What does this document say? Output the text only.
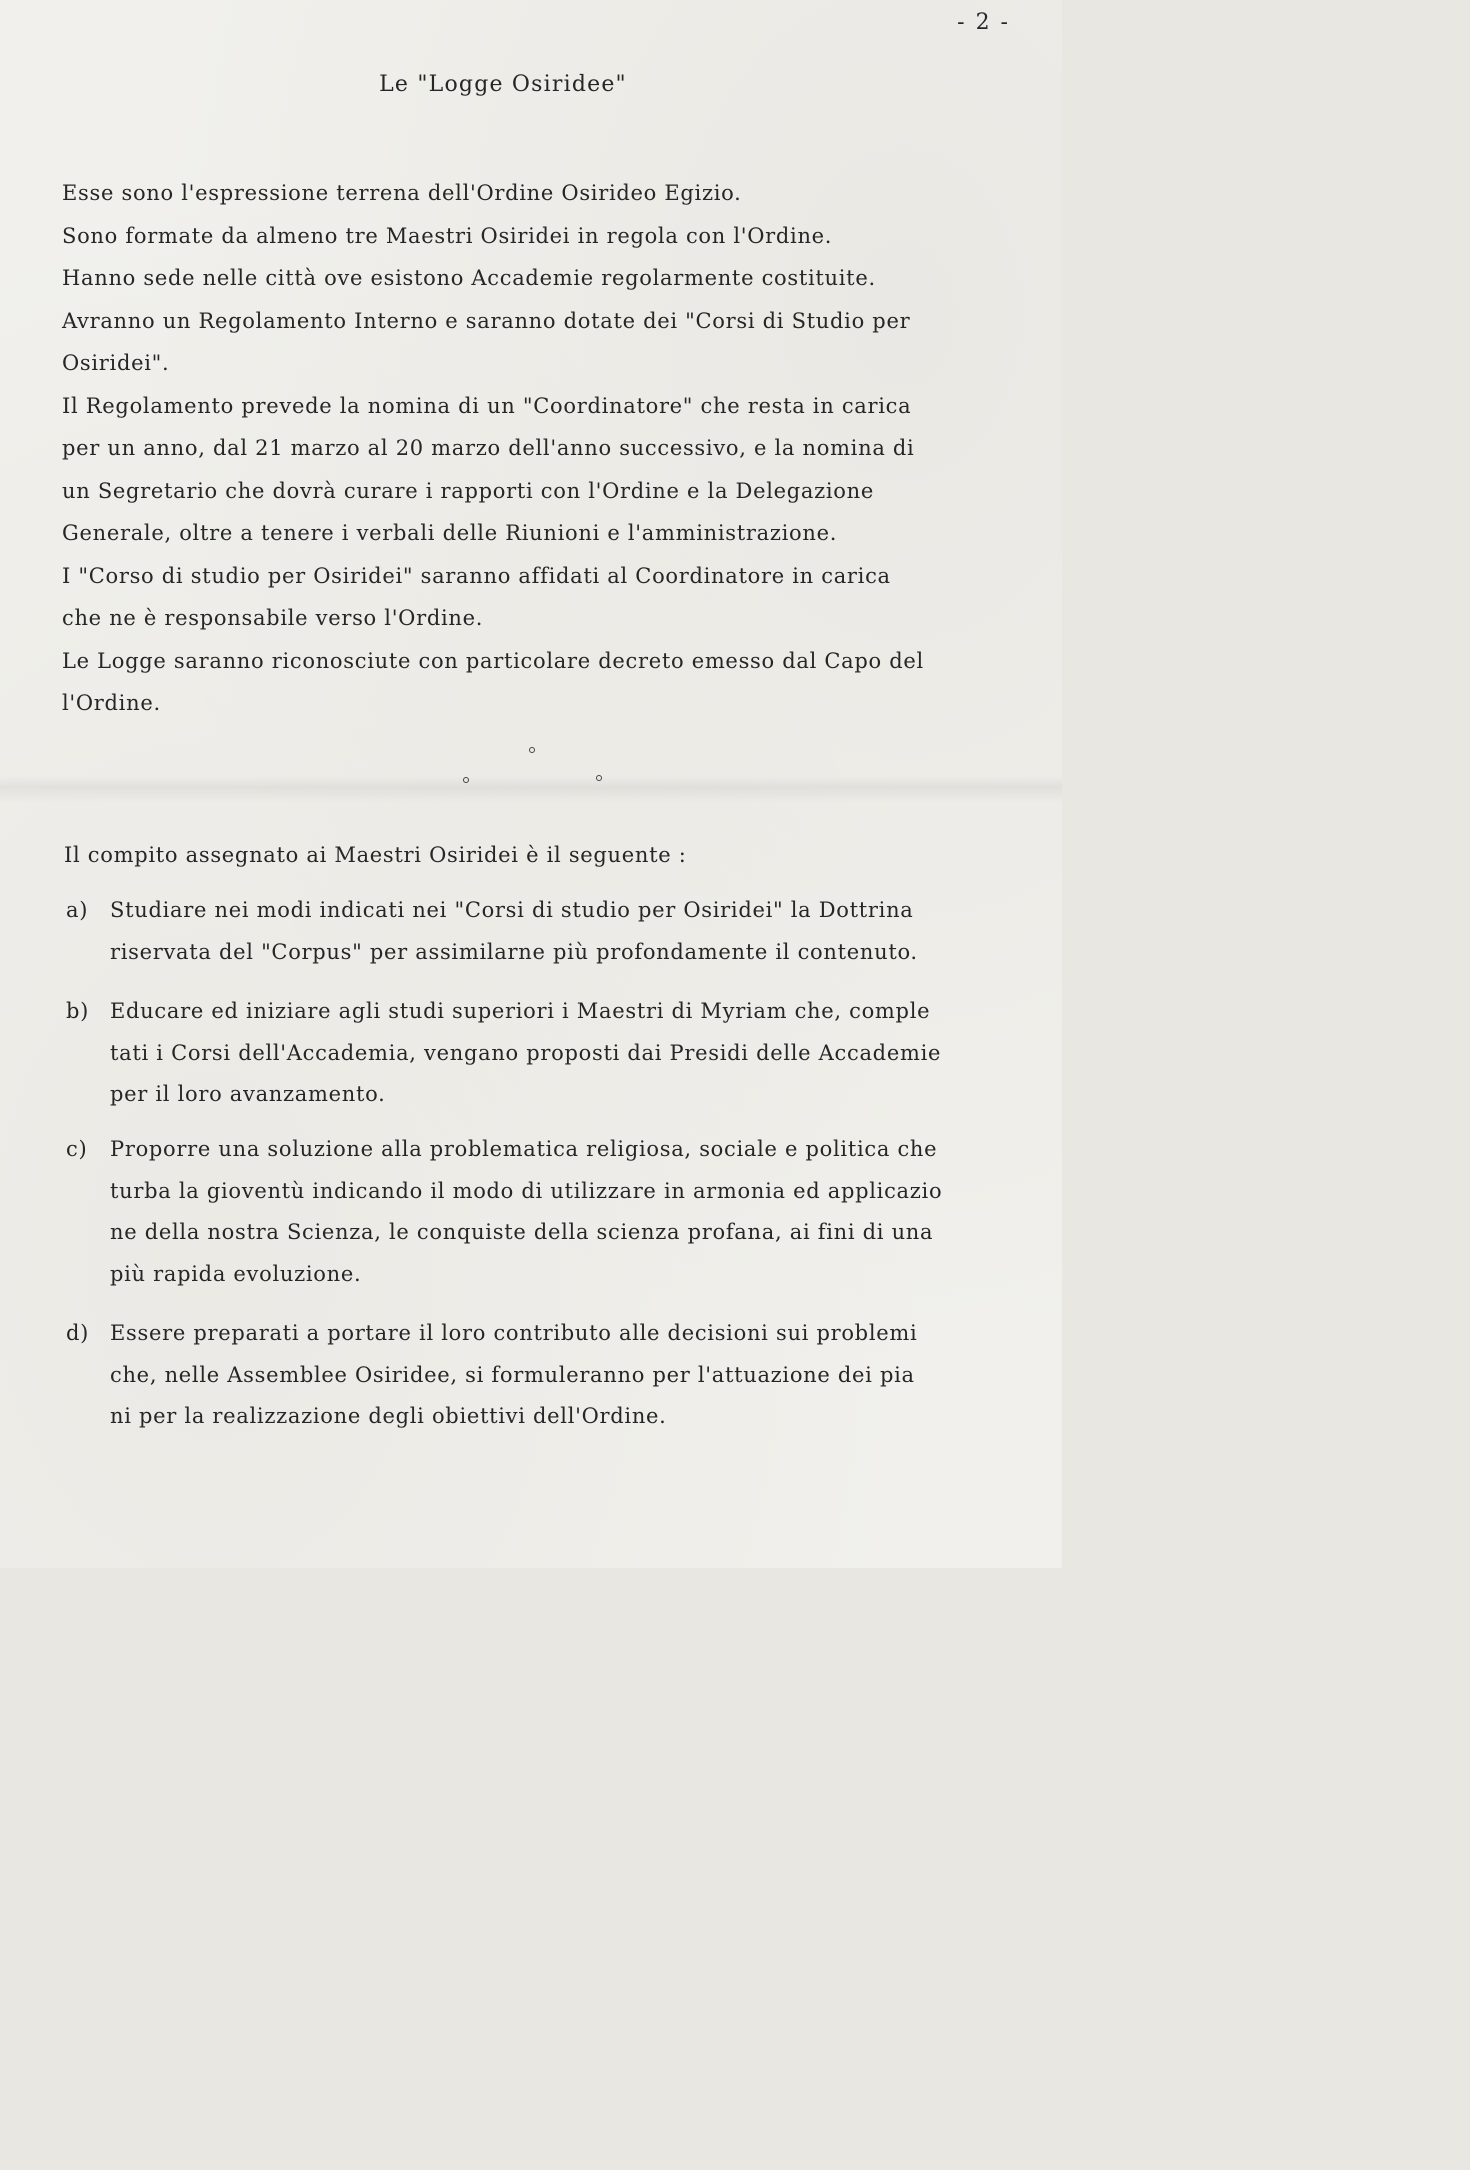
- 2 -
Le "Logge Osiridee"

Esse sono l'espressione terrena dell'Ordine Osirideo Egizio.

Sono formate da almeno tre Maestri Osiridei in regola con l'Ordine.

Hanno sede nelle città ove esistono Accademie regolarmente costituite.

Avranno un Regolamento Interno e saranno dotate dei "Corsi di Studio per

Osiridei".

Il Regolamento prevede la nomina di un "Coordinatore" che resta in carica

per un anno, dal 21 marzo al 20 marzo dell'anno successivo, e la nomina di

un Segretario che dovrà curare i rapporti con l'Ordine e la Delegazione

Generale, oltre a tenere i verbali delle Riunioni e l'amministrazione.

I "Corso di studio per Osiridei" saranno affidati al Coordinatore in carica

che ne è responsabile verso l'Ordine.

Le Logge saranno riconosciute con particolare decreto emesso dal Capo del

l'Ordine.

Il compito assegnato ai Maestri Osiridei è il seguente :
a) Studiare nei modi indicati nei "Corsi di studio per Osiridei" la Dottrina

riservata del "Corpus" per assimilarne più profondamente il contenuto.

b) Educare ed iniziare agli studi superiori i Maestri di Myriam che, comple

tati i Corsi dell'Accademia, vengano proposti dai Presidi delle Accademie

per il loro avanzamento.

c) Proporre una soluzione alla problematica religiosa, sociale e politica che

turba la gioventù indicando il modo di utilizzare in armonia ed applicazio

ne della nostra Scienza, le conquiste della scienza profana, ai fini di una

più rapida evoluzione.

d) Essere preparati a portare il loro contributo alle decisioni sui problemi

che, nelle Assemblee Osiridee, si formuleranno per l'attuazione dei pia

ni per la realizzazione degli obiettivi dell'Ordine.
